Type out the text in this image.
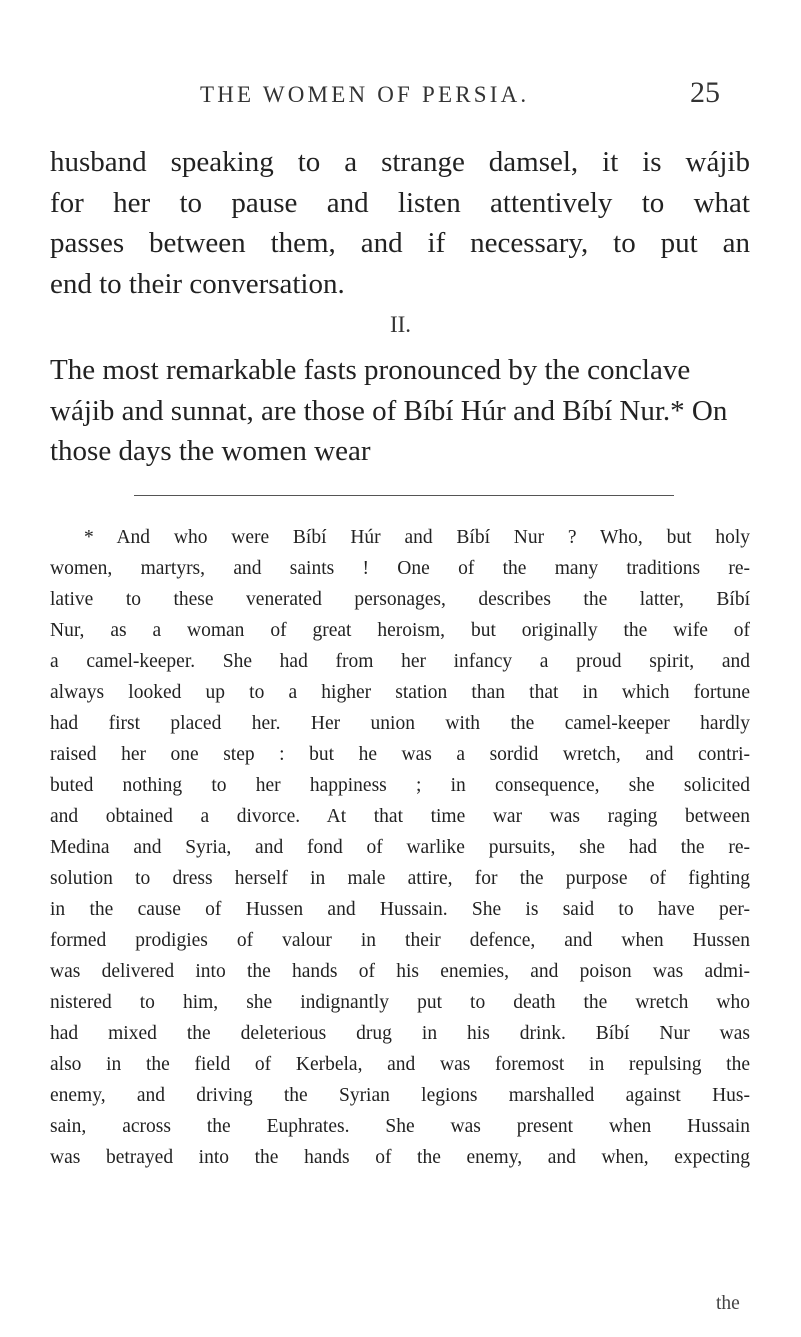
THE WOMEN OF PERSIA.	25
husband speaking to a strange damsel, it is wájib
for her to pause and listen attentively to what
passes between them, and if necessary, to put an
end to their conversation.
II.
The most remarkable fasts pronounced by the conclave wájib and sunnat, are those of Bíbí Húr and Bíbí Nur.* On those days the women wear
* And who were Bíbí Húr and Bíbí Nur ? Who, but holy
women, martyrs, and saints ! One of the many traditions re-
lative to these venerated personages, describes the latter, Bíbí
Nur, as a woman of great heroism, but originally the wife of
a camel-keeper. She had from her infancy a proud spirit, and
always looked up to a higher station than that in which fortune
had first placed her. Her union with the camel-keeper hardly
raised her one step : but he was a sordid wretch, and contri-
buted nothing to her happiness ; in consequence, she solicited
and obtained a divorce. At that time war was raging between
Medina and Syria, and fond of warlike pursuits, she had the re-
solution to dress herself in male attire, for the purpose of fighting
in the cause of Hussen and Hussain. She is said to have per-
formed prodigies of valour in their defence, and when Hussen
was delivered into the hands of his enemies, and poison was admi-
nistered to him, she indignantly put to death the wretch who
had mixed the deleterious drug in his drink. Bíbí Nur was
also in the field of Kerbela, and was foremost in repulsing the
enemy, and driving the Syrian legions marshalled against Hus-
sain, across the Euphrates. She was present when Hussain
was betrayed into the hands of the enemy, and when, expecting
the
